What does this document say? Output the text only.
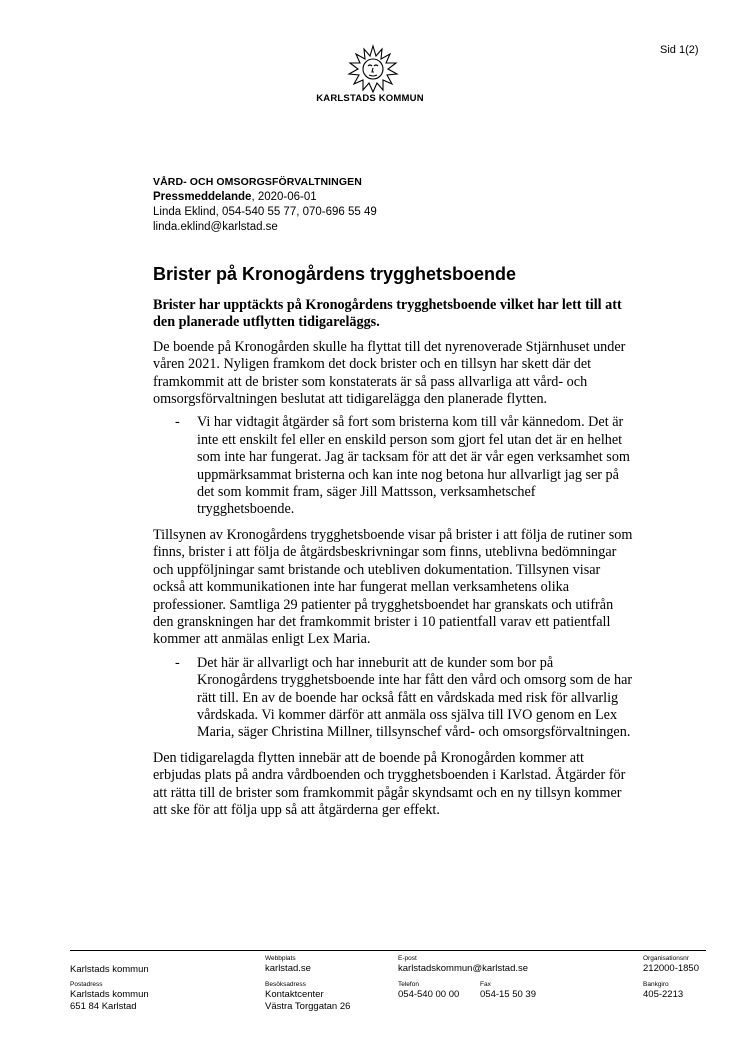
Sid 1(2)
KARLSTADS KOMMUN
VÅRD- OCH OMSORGSFÖRVALTNINGEN
Pressmeddelande, 2020-06-01
Linda Eklind, 054-540 55 77, 070-696 55 49
linda.eklind@karlstad.se
Brister på Kronogårdens trygghetsboende

Brister har upptäckts på Kronogårdens trygghetsboende vilket har lett till att den planerade utflytten tidigareläggs.

De boende på Kronogården skulle ha flyttat till det nyrenoverade Stjärnhuset under våren 2021. Nyligen framkom det dock brister och en tillsyn har skett där det framkommit att de brister som konstaterats är så pass allvarliga att vård- och omsorgsförvaltningen beslutat att tidigarelägga den planerade flytten.

- Vi har vidtagit åtgärder så fort som bristerna kom till vår kännedom. Det är inte ett enskilt fel eller en enskild person som gjort fel utan det är en helhet som inte har fungerat. Jag är tacksam för att det är vår egen verksamhet som uppmärksammat bristerna och kan inte nog betona hur allvarligt jag ser på det som kommit fram, säger Jill Mattsson, verksamhetschef trygghetsboende.

Tillsynen av Kronogårdens trygghetsboende visar på brister i att följa de rutiner som finns, brister i att följa de åtgärdsbeskrivningar som finns, uteblivna bedömningar och uppföljningar samt bristande och utebliven dokumentation. Tillsynen visar också att kommunikationen inte har fungerat mellan verksamhetens olika professioner. Samtliga 29 patienter på trygghetsboendet har granskats och utifrån den granskningen har det framkommit brister i 10 patientfall varav ett patientfall kommer att anmälas enligt Lex Maria.

- Det här är allvarligt och har inneburit att de kunder som bor på Kronogårdens trygghetsboende inte har fått den vård och omsorg som de har rätt till. En av de boende har också fått en vårdskada med risk för allvarlig vårdskada. Vi kommer därför att anmäla oss själva till IVO genom en Lex Maria, säger Christina Millner, tillsynschef vård- och omsorgsförvaltningen.

Den tidigarelagda flytten innebär att de boende på Kronogården kommer att erbjudas plats på andra vårdboenden och trygghetsboenden i Karlstad. Åtgärder för att rätta till de brister som framkommit pågår skyndsamt och en ny tillsyn kommer att ske för att följa upp så att åtgärderna ger effekt.

Karlstads kommun
Webbplats
karlstad.se
E-post
karlstadskommun@karlstad.se
Organisationsnr
212000-1850
Postadress
Karlstads kommun
651 84 Karlstad
Besöksadress
Kontaktcenter
Västra Torggatan 26
Telefon
054-540 00 00
Fax
054-15 50 39
Bankgiro
405-2213
